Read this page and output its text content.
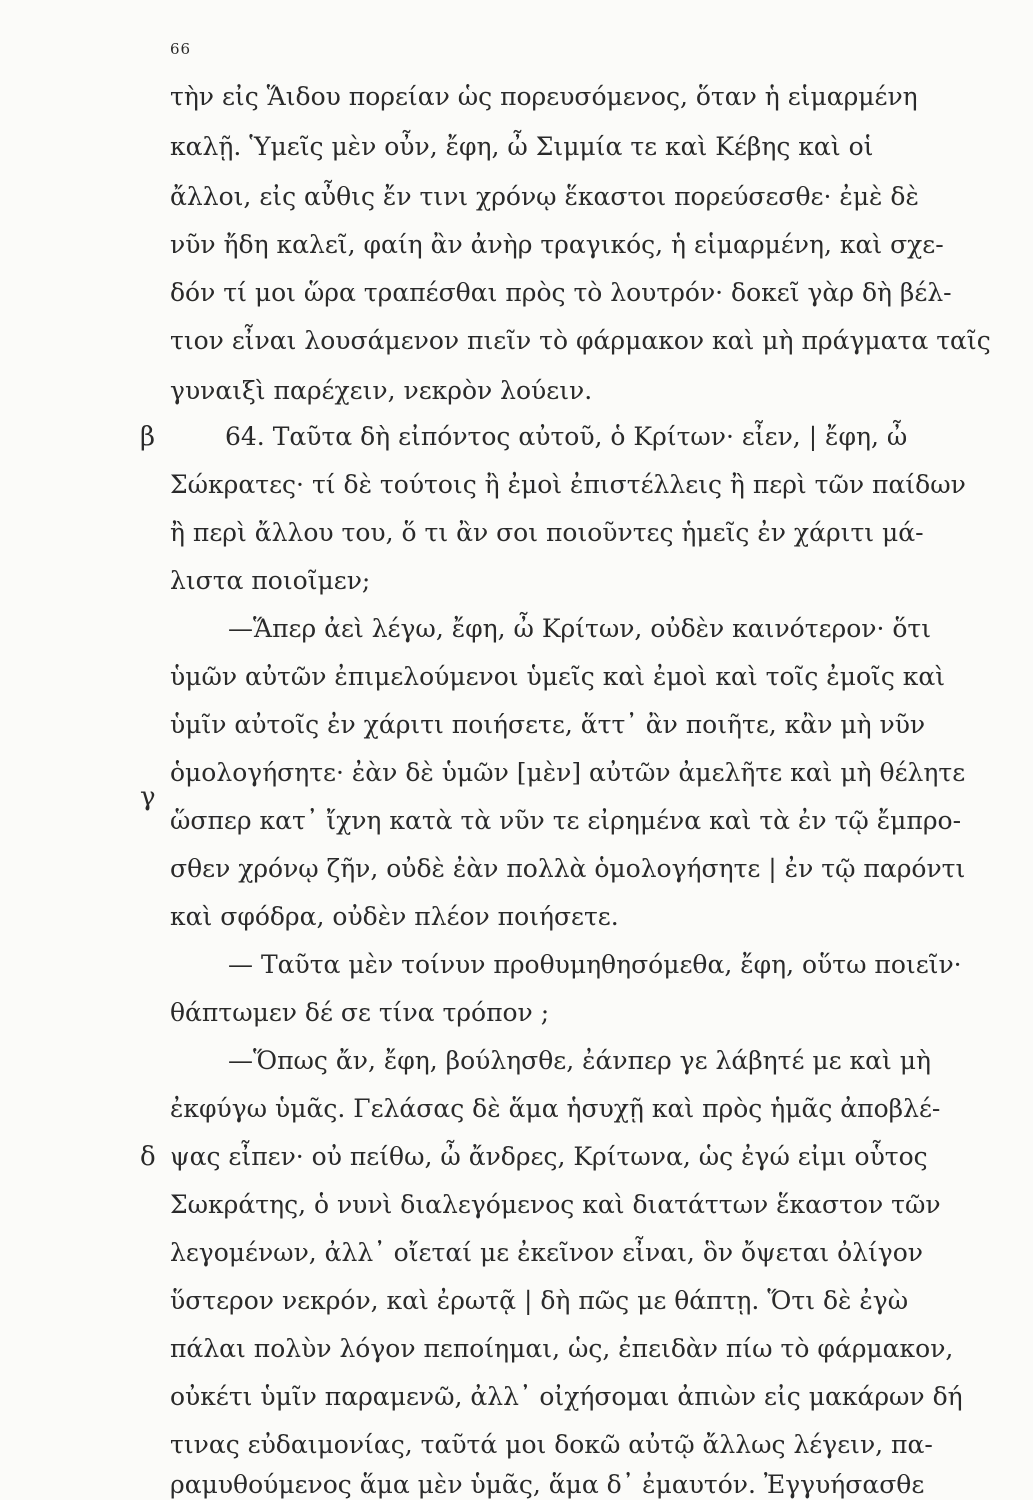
66
β
γ
δ
τὴν εἰς Ἅιδου πορείαν ὡς πορευσόμενος, ὅταν ἡ εἱμαρμένη
καλῇ. Ὑμεῖς μὲν οὖν, ἔφη, ὦ Σιμμία τε καὶ Κέβης καὶ οἱ
ἄλλοι, εἰς αὖθις ἔν τινι χρόνῳ ἕκαστοι πορεύσεσθε· ἐμὲ δὲ
νῦν ἤδη καλεῖ, φαίη ἂν ἀνὴρ τραγικός, ἡ εἱμαρμένη, καὶ σχε-
δόν τί μοι ὥρα τραπέσθαι πρὸς τὸ λουτρόν· δοκεῖ γὰρ δὴ βέλ-
τιον εἶναι λουσάμενον πιεῖν τὸ φάρμακον καὶ μὴ πράγματα ταῖς
γυναιξὶ παρέχειν, νεκρὸν λούειν.
64. Ταῦτα δὴ εἰπόντος αὐτοῦ, ὁ Κρίτων· εἶεν, | ἔφη, ὦ
Σώκρατες· τί δὲ τούτοις ἢ ἐμοὶ ἐπιστέλλεις ἢ περὶ τῶν παίδων
ἢ περὶ ἄλλου του, ὅ τι ἂν σοι ποιοῦντες ἡμεῖς ἐν χάριτι μά-
λιστα ποιοῖμεν;
—Ἅπερ ἀεὶ λέγω, ἔφη, ὦ Κρίτων, οὐδὲν καινότερον· ὅτι
ὑμῶν αὐτῶν ἐπιμελούμενοι ὑμεῖς καὶ ἐμοὶ καὶ τοῖς ἐμοῖς καὶ
ὑμῖν αὐτοῖς ἐν χάριτι ποιήσετε, ἅττ᾽ ἂν ποιῆτε, κἂν μὴ νῦν
ὁμολογήσητε· ἐὰν δὲ ὑμῶν [μὲν] αὐτῶν ἀμελῆτε καὶ μὴ θέλητε
ὥσπερ κατ᾽ ἴχνη κατὰ τὰ νῦν τε εἰρημένα καὶ τὰ ἐν τῷ ἔμπρο-
σθεν χρόνῳ ζῆν, οὐδὲ ἐὰν πολλὰ ὁμολογήσητε | ἐν τῷ παρόντι
καὶ σφόδρα, οὐδὲν πλέον ποιήσετε.
— Ταῦτα μὲν τοίνυν προθυμηθησόμεθα, ἔφη, οὕτω ποιεῖν·
θάπτωμεν δέ σε τίνα τρόπον ;
—Ὅπως ἄν, ἔφη, βούλησθε, ἐάνπερ γε λάβητέ με καὶ μὴ
ἐκφύγω ὑμᾶς. Γελάσας δὲ ἅμα ἡσυχῇ καὶ πρὸς ἡμᾶς ἀποβλέ-
ψας εἶπεν· οὐ πείθω, ὦ ἄνδρες, Κρίτωνα, ὡς ἐγώ εἰμι οὗτος
Σωκράτης, ὁ νυνὶ διαλεγόμενος καὶ διατάττων ἕκαστον τῶν
λεγομένων, ἀλλ᾽ οἴεταί με ἐκεῖνον εἶναι, ὃν ὄψεται ὀλίγον
ὕστερον νεκρόν, καὶ ἐρωτᾷ | δὴ πῶς με θάπτῃ. Ὅτι δὲ ἐγὼ
πάλαι πολὺν λόγον πεποίημαι, ὡς, ἐπειδὰν πίω τὸ φάρμακον,
οὐκέτι ὑμῖν παραμενῶ, ἀλλ᾽ οἰχήσομαι ἀπιὼν εἰς μακάρων δή
τινας εὐδαιμονίας, ταῦτά μοι δοκῶ αὐτῷ ἄλλως λέγειν, πα-
ραμυθούμενος ἅμα μὲν ὑμᾶς, ἅμα δ᾽ ἐμαυτόν. Ἐγγυήσασθε
